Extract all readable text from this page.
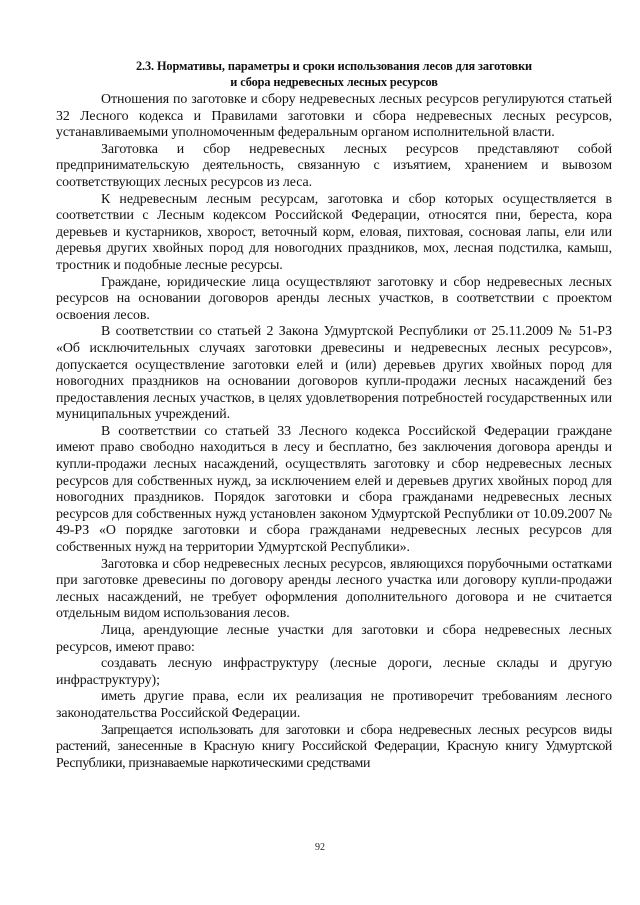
2.3. Нормативы, параметры и сроки использования лесов для заготовки
и сбора недревесных лесных ресурсов

Отношения по заготовке и сбору недревесных лесных ресурсов регулируются статьей 32 Лесного кодекса и Правилами заготовки и сбора недревесных лесных ресурсов, устанавливаемыми уполномоченным федеральным органом исполнительной власти.

Заготовка и сбор недревесных лесных ресурсов представляют собой предпринимательскую деятельность, связанную с изъятием, хранением и вывозом соответствующих лесных ресурсов из леса.

К недревесным лесным ресурсам, заготовка и сбор которых осуществляется в соответствии с Лесным кодексом Российской Федерации, относятся пни, береста, кора деревьев и кустарников, хворост, веточный корм, еловая, пихтовая, сосновая лапы, ели или деревья других хвойных пород для новогодних праздников, мох, лесная подстилка, камыш, тростник и подобные лесные ресурсы.

Граждане, юридические лица осуществляют заготовку и сбор недревесных лесных ресурсов на основании договоров аренды лесных участков, в соответствии с проектом освоения лесов.

В соответствии со статьей 2 Закона Удмуртской Республики от 25.11.2009 № 51-РЗ «Об исключительных случаях заготовки древесины и недревесных лесных ресурсов», допускается осуществление заготовки елей и (или) деревьев других хвойных пород для новогодних праздников на основании договоров купли-продажи лесных насаждений без предоставления лесных участков, в целях удовлетворения потребностей государственных или муниципальных учреждений.

В соответствии со статьей 33 Лесного кодекса Российской Федерации граждане имеют право свободно находиться в лесу и бесплатно, без заключения договора аренды и купли-продажи лесных насаждений, осуществлять заготовку и сбор недревесных лесных ресурсов для собственных нужд, за исключением елей и деревьев других хвойных пород для новогодних праздников. Порядок заготовки и сбора гражданами недревесных лесных ресурсов для собственных нужд установлен законом Удмуртской Республики от 10.09.2007 № 49-РЗ «О порядке заготовки и сбора гражданами недревесных лесных ресурсов для собственных нужд на территории Удмуртской Республики».

Заготовка и сбор недревесных лесных ресурсов, являющихся порубочными остатками при заготовке древесины по договору аренды лесного участка или договору купли-продажи лесных насаждений, не требует оформления дополнительного договора и не считается отдельным видом использования лесов.

Лица, арендующие лесные участки для заготовки и сбора недревесных лесных ресурсов, имеют право:

создавать лесную инфраструктуру (лесные дороги, лесные склады и другую инфраструктуру);

иметь другие права, если их реализация не противоречит требованиям лесного законодательства Российской Федерации.

Запрещается использовать для заготовки и сбора недревесных лесных ресурсов виды растений, занесенные в Красную книгу Российской Федерации, Красную книгу Удмуртской Республики, признаваемые наркотическими средствами

92
